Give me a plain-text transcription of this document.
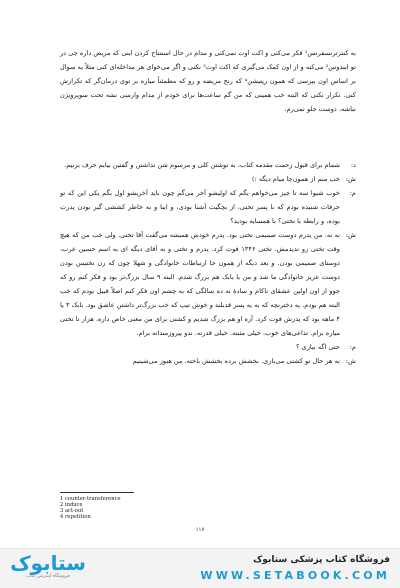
به کنترترنسفرنس¹ فکر می‌کنی و اکت اوت نمی‌کنی و مدام در حال استنتاج کردن اینی که مریض داره چی در تو ایندوس² می‌کنه و از اون کمک می‌گیری که اکت اوت³ نکنی و اگر می‌خوای هر مداخله‌ای کنی مثلاً یه سوال بر اساس اون بپرسی که همون رپتیشن⁴ که رنج مریضه و رو که مطمئناً میاره بر توی درمان‌گر که تکرارش کنی. تکرار نکنی که البته خب همینی که من گم ساعت‌ها برای خودم از مدام وارسی نشه تحت سوپرویژن نباشه، دوست جلو نمی‌رم.
د:
شمام برای قبول زحمت مقدمه کتاب، به نوشتن کلی و مرسوم شن نداشتن و گفتین بیایم حرف بزنیم.
ش:
خب منم از همون‌جا میام دیگه :)
م:
خوب شیوا سه تا چیز می‌خواهم بگم که اولیشو آخر می‌گم چون باید آخریشو اول بگم یکی این که تو حرفات شنیده بودم که با پسر تختی، از بچگیت آشنا بودی، و اینا و به خاطر کششی گیر بودن پدرت بوده، و رابطه با تختی؟ با همسایه بودید؟
ش:
نه نه. من پدرم دوست صمیمی تختی بود. پدرم خودش همیشه می‌گفت آقا تختی. ولی خب من که هیچ وقت تختی رو ندیدمش. تختی ۱۳۴۶ فوت کرد. پدرم و تختی و به آقای دیگه ای به اسم حسین عرب، دوستای صمیمی بودن. و بعد دیگه از همون جا ارتباطات خانوادگی و شهلا چون که زن تختیس بودن دوست عزیز خانوادگی ما شد و من با بابک هم بزرگ شدم. البته ۹ سال بزرگ‌تر بود و فکر کنم رو که جوو از اون اولین عشقای ناکام و سادهٔ نه ده سالگی که به چشم اون فکر کنم اصلاً قبیل بودم که خب البته هم بودم. یه دخترنچه که به یه پسر قدبلند و خوش تیپ که خب بزرگ‌تر داشتن عاشق بود. بابک ۳ یا ۴ ماهه بود که پدرش فوت کرد. آره او هم بزرگ شدیم و کشتی برای من معنی خاص داره. هزار تا تختی میاره برام. تداعی‌های خوب. خیلی مثبته. خیلی قدرته. ندو پیروزمندانه برام.
م:
حتی اگه ببازی ؟
ش:
نه هر حال تو کشتی می‌بازی. بخشش برده بخشش باخته. من هنوز می‌شینیم
1 counter-transference
2 induce
3 act-out
4 repetition
١١٧
ستابوک
فروشگاه اینترنتی کتاب
فروشگاه کتاب پزشکی ستابوک
WWW.SETABOOK.COM
